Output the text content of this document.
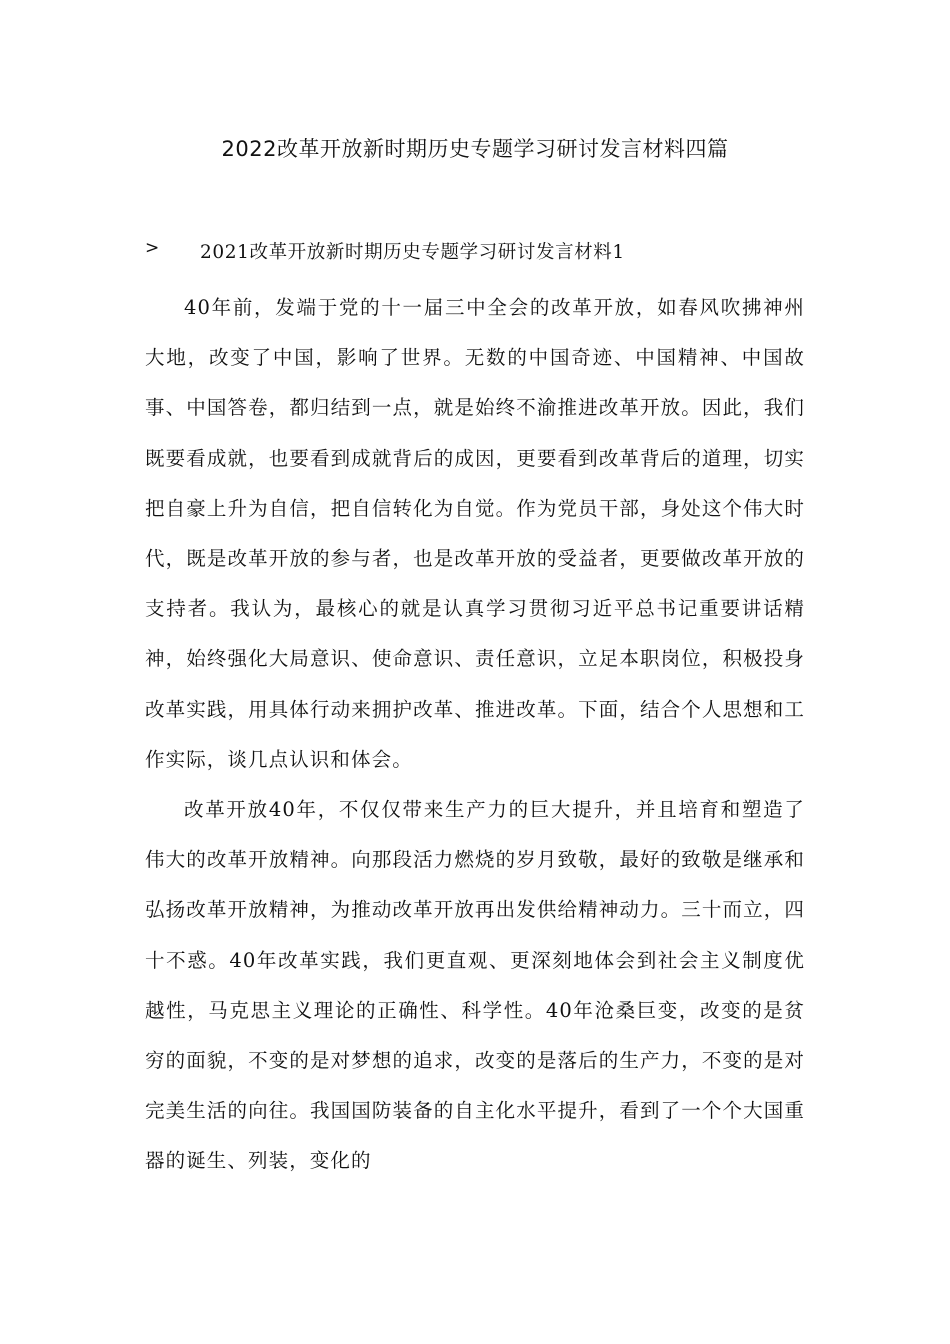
2022改革开放新时期历史专题学习研讨发言材料四篇
> 2021改革开放新时期历史专题学习研讨发言材料1

40年前，发端于党的十一届三中全会的改革开放，如春风吹拂神州大地，改变了中国，影响了世界。无数的中国奇迹、中国精神、中国故事、中国答卷，都归结到一点，就是始终不渝推进改革开放。因此，我们既要看成就，也要看到成就背后的成因，更要看到改革背后的道理，切实把自豪上升为自信，把自信转化为自觉。作为党员干部，身处这个伟大时代，既是改革开放的参与者，也是改革开放的受益者，更要做改革开放的支持者。我认为，最核心的就是认真学习贯彻习近平总书记重要讲话精神，始终强化大局意识、使命意识、责任意识，立足本职岗位，积极投身改革实践，用具体行动来拥护改革、推进改革。下面，结合个人思想和工作实际，谈几点认识和体会。

改革开放40年，不仅仅带来生产力的巨大提升，并且培育和塑造了伟大的改革开放精神。向那段活力燃烧的岁月致敬，最好的致敬是继承和弘扬改革开放精神，为推动改革开放再出发供给精神动力。三十而立，四十不惑。40年改革实践，我们更直观、更深刻地体会到社会主义制度优越性，马克思主义理论的正确性、科学性。40年沧桑巨变，改变的是贫穷的面貌，不变的是对梦想的追求，改变的是落后的生产力，不变的是对完美生活的向往。我国国防装备的自主化水平提升，看到了一个个大国重器的诞生、列装，变化的
